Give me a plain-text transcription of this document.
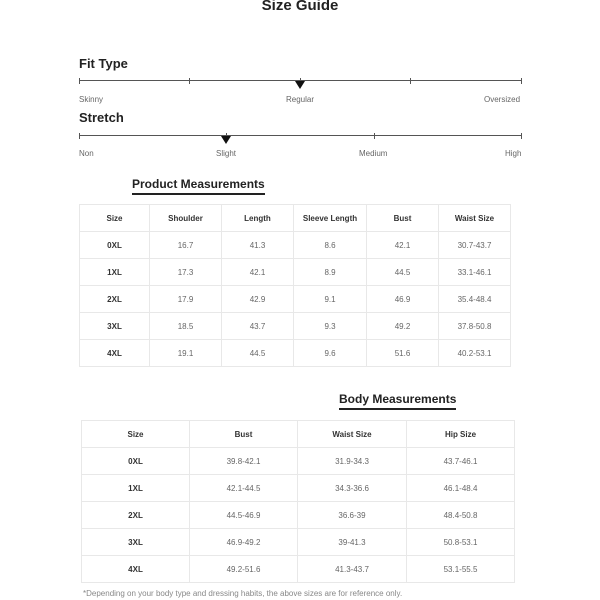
Size Guide
Fit Type
Skinny	Regular	Oversized
Stretch
Non	Slight	Medium	High
Product Measurements
Size	Shoulder	Length	Sleeve Length	Bust	Waist Size
0XL	16.7	41.3	8.6	42.1	30.7-43.7
1XL	17.3	42.1	8.9	44.5	33.1-46.1
2XL	17.9	42.9	9.1	46.9	35.4-48.4
3XL	18.5	43.7	9.3	49.2	37.8-50.8
4XL	19.1	44.5	9.6	51.6	40.2-53.1
Body Measurements
Size	Bust	Waist Size	Hip Size
0XL	39.8-42.1	31.9-34.3	43.7-46.1
1XL	42.1-44.5	34.3-36.6	46.1-48.4
2XL	44.5-46.9	36.6-39	48.4-50.8
3XL	46.9-49.2	39-41.3	50.8-53.1
4XL	49.2-51.6	41.3-43.7	53.1-55.5
*Depending on your body type and dressing habits, the above sizes are for reference only.
